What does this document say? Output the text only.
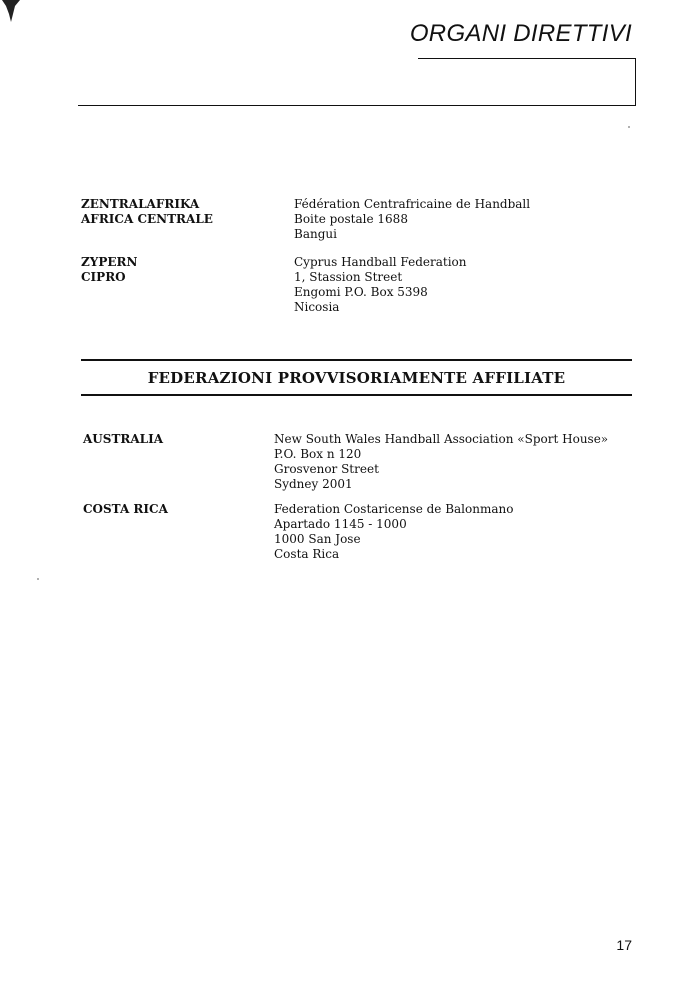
ORGANI DIRETTIVI
ZENTRALAFRIKA
AFRICA CENTRALE
Fédération Centrafricaine de Handball
Boite postale 1688
Bangui
ZYPERN
CIPRO
Cyprus Handball Federation
1, Stassion Street
Engomi P.O. Box 5398
Nicosia
FEDERAZIONI PROVVISORIAMENTE AFFILIATE
AUSTRALIA	New South Wales Handball Association «Sport House»
P.O. Box n 120
Grosvenor Street
Sydney 2001
COSTA RICA	Federation Costaricense de Balonmano
Apartado 1145 - 1000
1000 San Jose
Costa Rica
17
